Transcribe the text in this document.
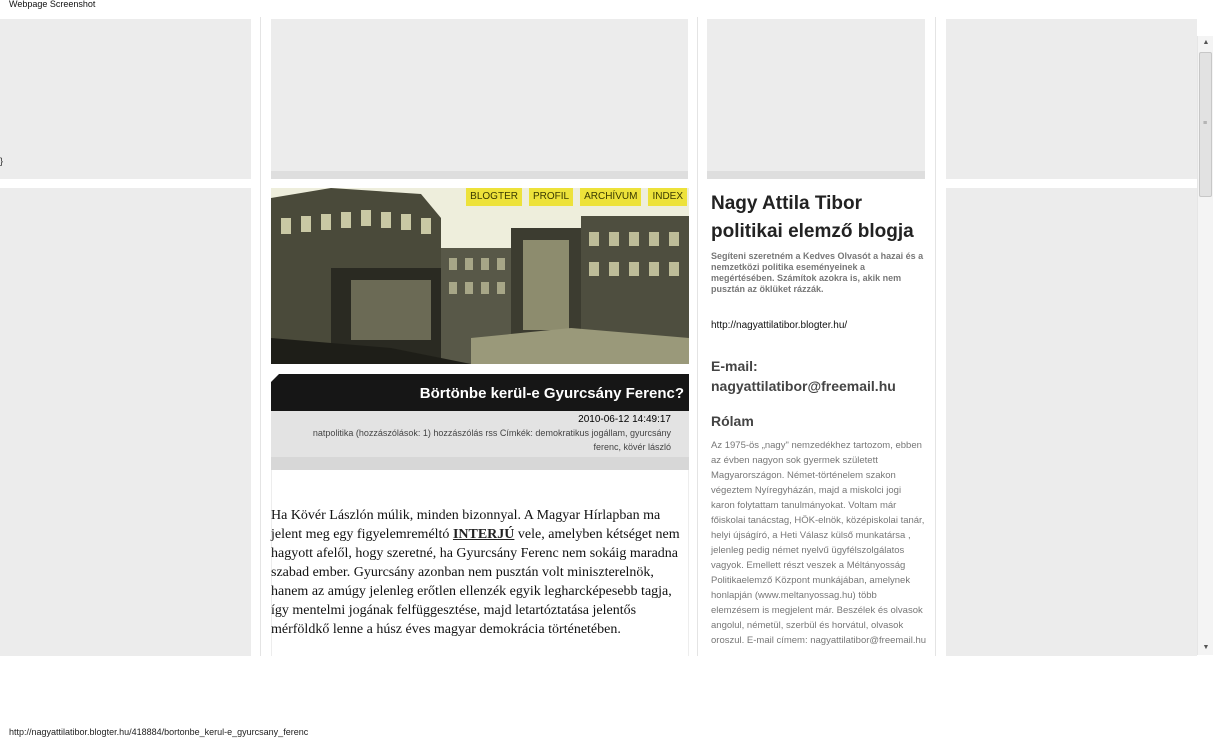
Webpage Screenshot
}
BLOGTER	PROFIL	ARCHÍVUM	INDEX
Börtönbe kerül-e Gyurcsány Ferenc?
2010-06-12 14:49:17
natpolitika (hozzászólások: 1) hozzászólás rss Címkék: demokratikus jogállam, gyurcsány
ferenc, kövér lászló
Ha Kövér Lászlón múlik, minden bizonnyal. A Magyar Hírlapban ma jelent meg egy figyelemreméltó INTERJÚ vele, amelyben kétséget nem hagyott afelől, hogy szeretné, ha Gyurcsány Ferenc nem sokáig maradna szabad ember. Gyurcsány azonban nem pusztán volt miniszterelnök, hanem az amúgy jelenleg erőtlen ellenzék egyik legharcképesebb tagja, így mentelmi jogának felfüggesztése, majd letartóztatása jelentős mérföldkő lenne a húsz éves magyar demokrácia történetében.
Nagy Attila Tibor politikai elemző blogja
Segíteni szeretném a Kedves Olvasót a hazai és a nemzetközi politika eseményeinek a megértésében. Számítok azokra is, akik nem pusztán az öklüket rázzák.
http://nagyattilatibor.blogter.hu/
E-mail: nagyattilatibor@freemail.hu
Rólam
Az 1975-ös „nagy" nemzedékhez tartozom, ebben az évben nagyon sok gyermek született Magyarországon. Német-történelem szakon végeztem Nyíregyházán, majd a miskolci jogi karon folytattam tanulmányokat. Voltam már főiskolai tanácstag, HÖK-elnök, középiskolai tanár, helyi újságíró, a Heti Válasz külső munkatársa , jelenleg pedig német nyelvű ügyfélszolgálatos vagyok. Emellett részt veszek a Méltányosság Politikaelemző Központ munkájában, amelynek honlapján (www.meltanyossag.hu) több elemzésem is megjelent már. Beszélek és olvasok angolul, németül, szerbül és horvátul, olvasok oroszul. E-mail címem: nagyattilatibor@freemail.hu
▲
≡
▼
http://nagyattilatibor.blogter.hu/418884/bortonbe_kerul-e_gyurcsany_ferenc
